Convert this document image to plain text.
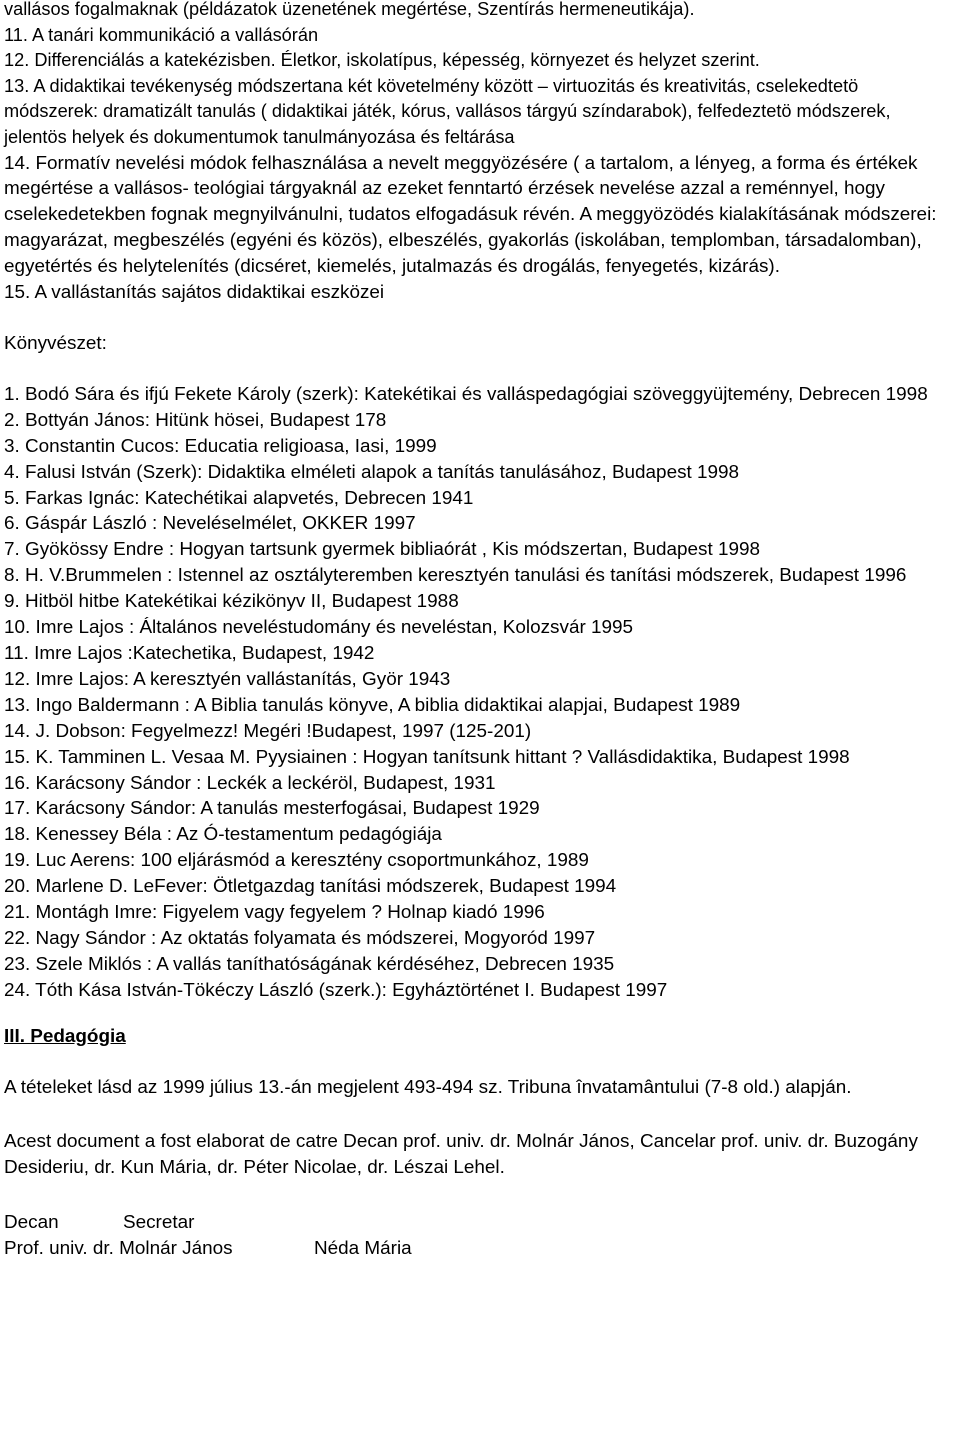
vallásos fogalmaknak (példázatok üzenetének megértése, Szentírás hermeneutikája).

11. A tanári kommunikáció a vallásórán

12. Differenciálás a katekézisben. Életkor, iskolatípus, képesség, környezet és helyzet szerint.

13. A didaktikai tevékenység módszertana két követelmény között – virtuozitás és kreativitás, cselekedtetö módszerek: dramatizált tanulás ( didaktikai játék, kórus, vallásos tárgyú színdarabok), felfedeztetö módszerek, jelentös helyek és dokumentumok tanulmányozása és feltárása

14. Formatív nevelési módok felhasználása a nevelt meggyözésére ( a tartalom, a lényeg, a forma és értékek megértése a vallásos- teológiai tárgyaknál az ezeket fenntartó érzések nevelése azzal a reménnyel, hogy cselekedetekben fognak megnyilvánulni, tudatos elfogadásuk révén. A meggyözödés kialakításának módszerei: magyarázat, megbeszélés (egyéni és közös), elbeszélés, gyakorlás (iskolában, templomban, társadalomban), egyetértés és helytelenítés (dicséret, kiemelés, jutalmazás és drogálás, fenyegetés, kizárás).

15. A vallástanítás sajátos didaktikai eszközei

Könyvészet:

1. Bodó Sára és ifjú Fekete Károly (szerk): Katekétikai és valláspedagógiai szöveggyüjtemény, Debrecen 1998

2. Bottyán János: Hitünk hösei, Budapest 178

3. Constantin Cucos: Educatia religioasa, Iasi, 1999

4. Falusi István (Szerk): Didaktika elméleti alapok a tanítás tanulásához, Budapest 1998

5. Farkas Ignác: Katechétikai alapvetés, Debrecen 1941

6. Gáspár László : Neveléselmélet, OKKER 1997

7. Gyökössy Endre : Hogyan tartsunk gyermek bibliaórát , Kis módszertan, Budapest 1998

8. H. V.Brummelen : Istennel az osztályteremben keresztyén tanulási és tanítási módszerek, Budapest 1996

9. Hitböl hitbe Katekétikai kézikönyv II, Budapest 1988

10. Imre Lajos : Általános neveléstudomány és neveléstan, Kolozsvár 1995

11. Imre Lajos :Katechetika, Budapest, 1942

12. Imre Lajos: A keresztyén vallástanítás, Györ 1943

13. Ingo Baldermann : A Biblia tanulás könyve, A biblia didaktikai alapjai, Budapest 1989

14. J. Dobson: Fegyelmezz! Megéri !Budapest, 1997 (125-201)

15. K. Tamminen L. Vesaa M. Pyysiainen : Hogyan tanítsunk hittant ? Vallásdidaktika, Budapest 1998

16. Karácsony Sándor : Leckék a leckéröl, Budapest, 1931

17. Karácsony Sándor: A tanulás mesterfogásai, Budapest 1929

18. Kenessey Béla : Az Ó-testamentum pedagógiája

19. Luc Aerens: 100 eljárásmód a keresztény csoportmunkához, 1989

20. Marlene D. LeFever: Ötletgazdag tanítási módszerek, Budapest 1994

21. Montágh Imre: Figyelem vagy fegyelem ? Holnap kiadó 1996

22. Nagy Sándor : Az oktatás folyamata és módszerei, Mogyoród 1997

23. Szele Miklós : A vallás taníthatóságának kérdéséhez, Debrecen 1935

24. Tóth Kása István-Tökéczy László (szerk.): Egyháztörténet I. Budapest 1997

III. Pedagógia

A tételeket lásd az 1999 július 13.-án megjelent 493-494 sz. Tribuna învatamântului (7-8 old.) alapján.

Acest document a fost elaborat de catre Decan prof. univ. dr. Molnár János, Cancelar prof. univ. dr. Buzogány Desideriu, dr. Kun Mária, dr. Péter Nicolae, dr. Lészai Lehel.

Decan	Secretar
Prof. univ. dr. Molnár János	Néda Mária
